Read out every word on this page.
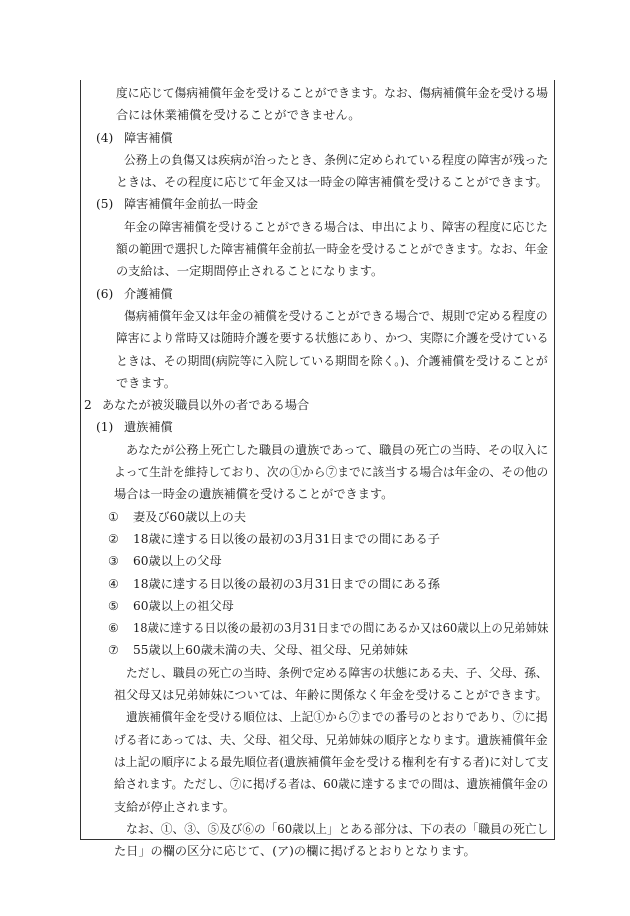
度に応じて傷病補償年金を受けることができます。なお、傷病補償年金を受ける場
合には休業補償を受けることができません。
(4) 障害補償
公務上の負傷又は疾病が治ったとき、条例に定められている程度の障害が残った
ときは、その程度に応じて年金又は一時金の障害補償を受けることができます。
(5) 障害補償年金前払一時金
年金の障害補償を受けることができる場合は、申出により、障害の程度に応じた
額の範囲で選択した障害補償年金前払一時金を受けることができます。なお、年金
の支給は、一定期間停止されることになります。
(6) 介護補償
傷病補償年金又は年金の補償を受けることができる場合で、規則で定める程度の
障害により常時又は随時介護を要する状態にあり、かつ、実際に介護を受けている
ときは、その期間(病院等に入院している期間を除く。)、介護補償を受けることが
できます。
2 あなたが被災職員以外の者である場合
(1) 遺族補償
あなたが公務上死亡した職員の遺族であって、職員の死亡の当時、その収入に
よって生計を維持しており、次の①から⑦までに該当する場合は年金の、その他の
場合は一時金の遺族補償を受けることができます。
① 妻及び60歳以上の夫
② 18歳に達する日以後の最初の3月31日までの間にある子
③ 60歳以上の父母
④ 18歳に達する日以後の最初の3月31日までの間にある孫
⑤ 60歳以上の祖父母
⑥ 18歳に達する日以後の最初の3月31日までの間にあるか又は60歳以上の兄弟姉妹
⑦ 55歳以上60歳未満の夫、父母、祖父母、兄弟姉妹
ただし、職員の死亡の当時、条例で定める障害の状態にある夫、子、父母、孫、
祖父母又は兄弟姉妹については、年齢に関係なく年金を受けることができます。
遺族補償年金を受ける順位は、上記①から⑦までの番号のとおりであり、⑦に掲
げる者にあっては、夫、父母、祖父母、兄弟姉妹の順序となります。遺族補償年金
は上記の順序による最先順位者(遺族補償年金を受ける権利を有する者)に対して支
給されます。ただし、⑦に掲げる者は、60歳に達するまでの間は、遺族補償年金の
支給が停止されます。
なお、①、③、⑤及び⑥の「60歳以上」とある部分は、下の表の「職員の死亡し
た日」の欄の区分に応じて、(ア)の欄に掲げるとおりとなります。
